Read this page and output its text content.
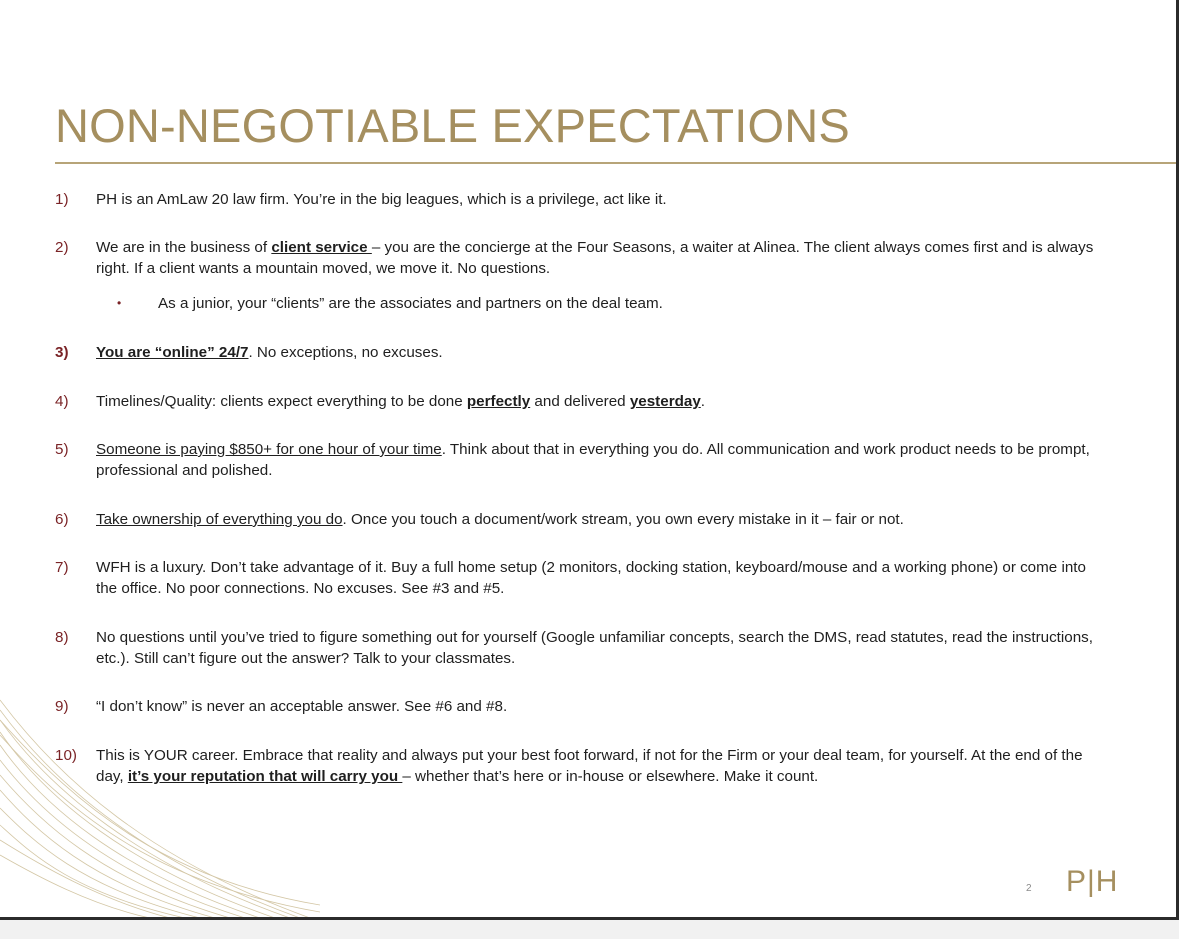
NON-NEGOTIABLE EXPECTATIONS
1)	PH is an AmLaw 20 law firm. You’re in the big leagues, which is a privilege, act like it.
2)	We are in the business of client service – you are the concierge at the Four Seasons, a waiter at Alinea. The client always comes first and is always right. If a client wants a mountain moved, we move it. No questions.
• As a junior, your “clients” are the associates and partners on the deal team.
3)	You are “online” 24/7. No exceptions, no excuses.
4)	Timelines/Quality: clients expect everything to be done perfectly and delivered yesterday.
5)	Someone is paying $850+ for one hour of your time. Think about that in everything you do. All communication and work product needs to be prompt, professional and polished.
6)	Take ownership of everything you do. Once you touch a document/work stream, you own every mistake in it – fair or not.
7)	WFH is a luxury. Don’t take advantage of it. Buy a full home setup (2 monitors, docking station, keyboard/mouse and a working phone) or come into the office. No poor connections. No excuses. See #3 and #5.
8)	No questions until you’ve tried to figure something out for yourself (Google unfamiliar concepts, search the DMS, read statutes, read the instructions, etc.). Still can’t figure out the answer? Talk to your classmates.
9)	“I don’t know” is never an acceptable answer. See #6 and #8.
10)	This is YOUR career. Embrace that reality and always put your best foot forward, if not for the Firm or your deal team, for yourself. At the end of the day, it’s your reputation that will carry you – whether that’s here or in-house or elsewhere. Make it count.
2 P|H
